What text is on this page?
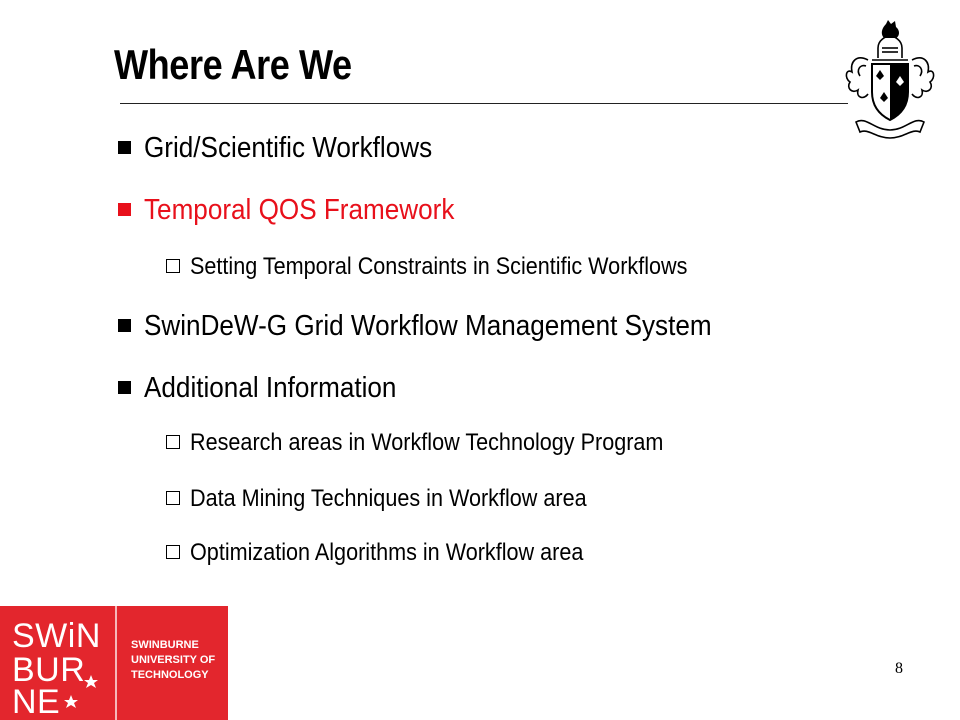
Where Are We
Grid/Scientific Workflows
Temporal QOS Framework
Setting Temporal Constraints in Scientific Workflows
SwinDeW-G Grid Workflow Management System
Additional Information
Research areas in Workflow Technology Program
Data Mining Techniques in Workflow area
Optimization Algorithms in Workflow area
SWiN
BUR
NE
SWINBURNE
UNIVERSITY OF
TECHNOLOGY	8
